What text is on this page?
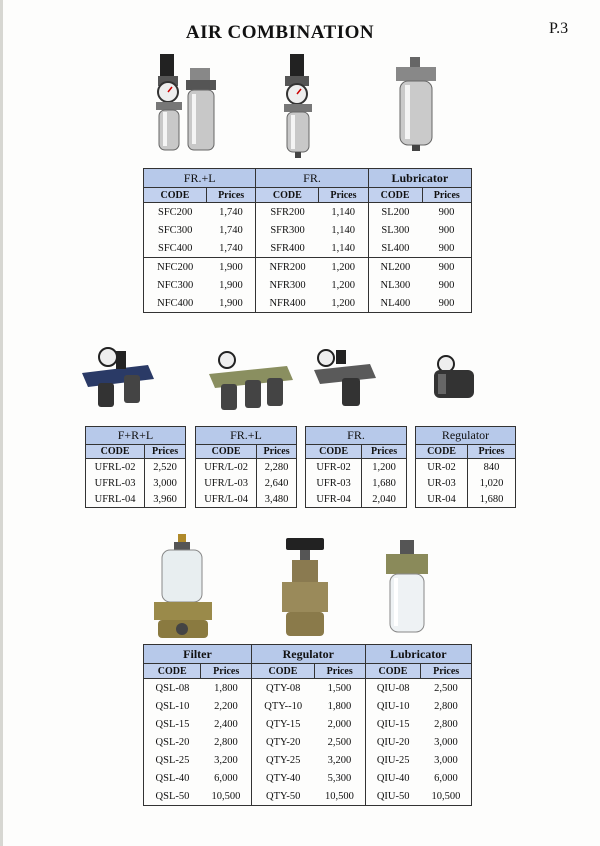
AIR COMBINATION	P.3
FR.+L		FR.		Lubricator	
CODE	Prices	CODE	Prices	CODE	Prices
SFC200	1,740	SFR200	1,140	SL200	900
SFC300	1,740	SFR300	1,140	SL300	900
SFC400	1,740	SFR400	1,140	SL400	900
NFC200	1,900	NFR200	1,200	NL200	900
NFC300	1,900	NFR300	1,200	NL300	900
NFC400	1,900	NFR400	1,200	NL400	900
F+R+L	
CODE	Prices
UFRL-02	2,520
UFRL-03	3,000
UFRL-04	3,960
FR.+L	
CODE	Prices
UFR/L-02	2,280
UFR/L-03	2,640
UFR/L-04	3,480
FR.	
CODE	Prices
UFR-02	1,200
UFR-03	1,680
UFR-04	2,040
Regulator	
CODE	Prices
UR-02	840
UR-03	1,020
UR-04	1,680
Filter		Regulator		Lubricator	
CODE	Prices	CODE	Prices	CODE	Prices
QSL-08	1,800	QTY-08	1,500	QIU-08	2,500
QSL-10	2,200	QTY--10	1,800	QIU-10	2,800
QSL-15	2,400	QTY-15	2,000	QIU-15	2,800
QSL-20	2,800	QTY-20	2,500	QIU-20	3,000
QSL-25	3,200	QTY-25	3,200	QIU-25	3,000
QSL-40	6,000	QTY-40	5,300	QIU-40	6,000
QSL-50	10,500	QTY-50	10,500	QIU-50	10,500
